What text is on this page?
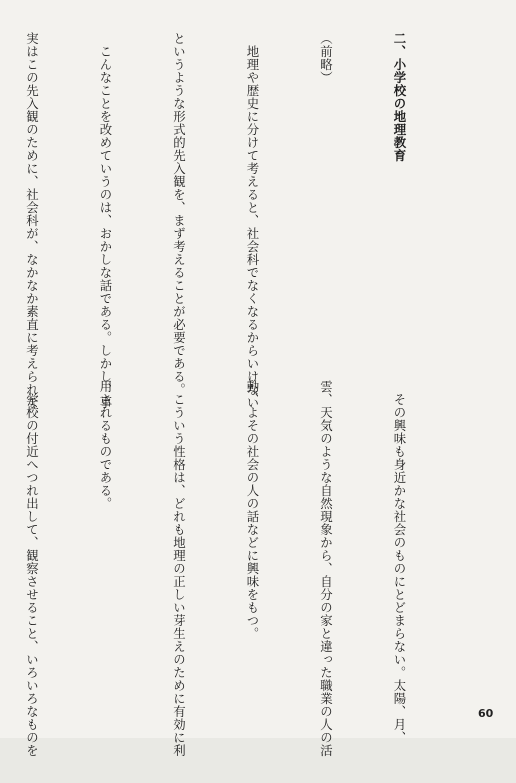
二、小学校の地理教育

（前略）

　地理や歴史に分けて考えると、社会科でなくなるからいけない

というような形式的先入観を、まず考えることが必要である。

　こんなことを改めていうのは、おかしな話である。しかし、事

実はこの先入観のために、社会科が、なかなか素直に考えられな

　その興味も身近かな社会のものにとどまらない。太陽、月、

雲、天気のような自然現象から、自分の家と違った職業の人の活

動、よその社会の人の話などに興味をもつ。

　こういう性格は、どれも地理の正しい芽生えのために有効に利

用されるものである。

　学校の付近へつれ出して、観察させること、いろいろなものを

	60
